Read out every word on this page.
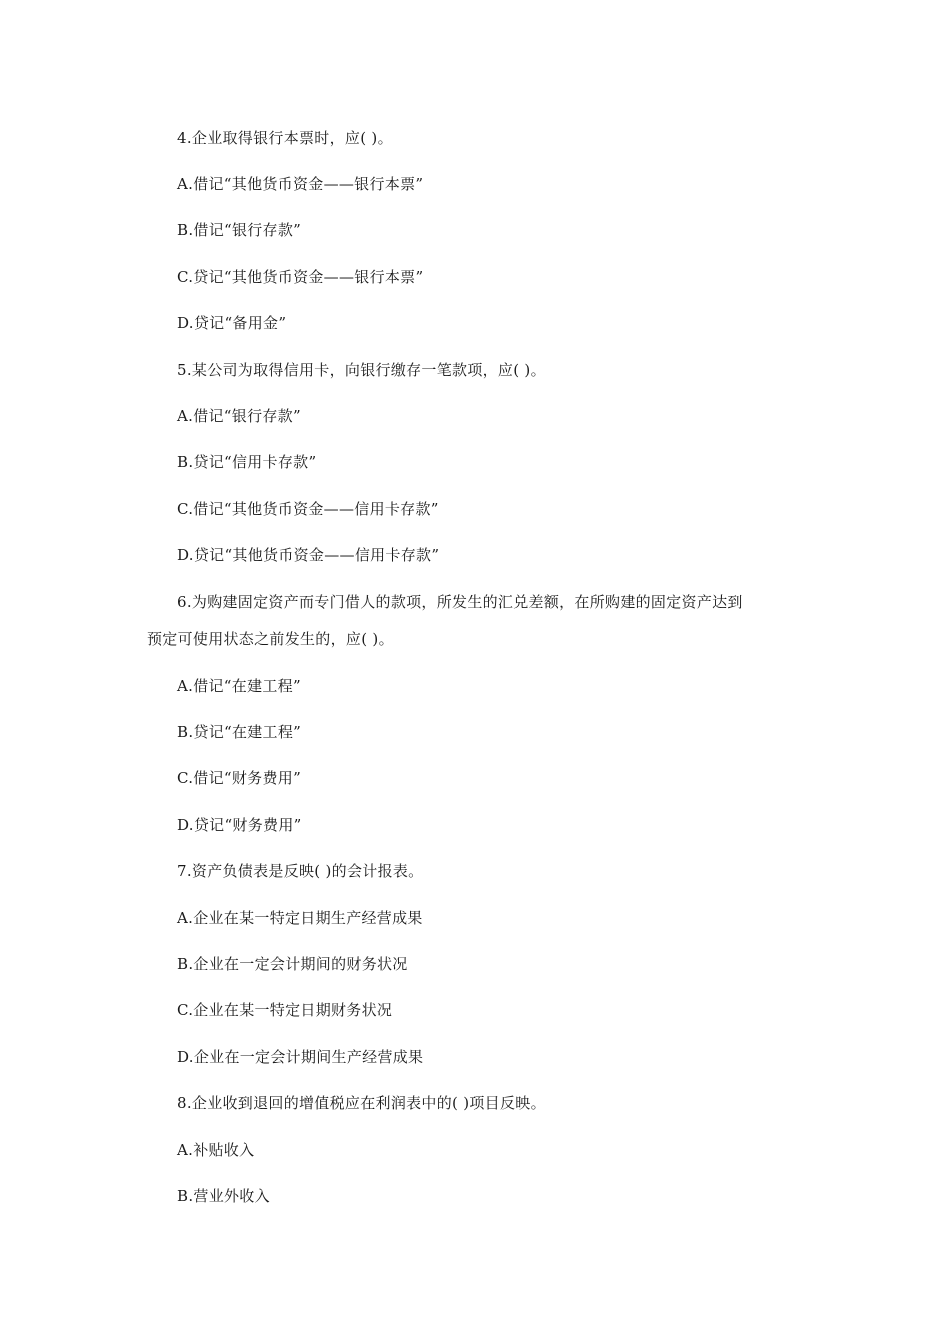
4.企业取得银行本票时，应( )。
A.借记“其他货币资金——银行本票”
B.借记“银行存款”
C.贷记“其他货币资金——银行本票”
D.贷记“备用金”
5.某公司为取得信用卡，向银行缴存一笔款项，应( )。
A.借记“银行存款”
B.贷记“信用卡存款”
C.借记“其他货币资金——信用卡存款”
D.贷记“其他货币资金——信用卡存款”
6.为购建固定资产而专门借人的款项，所发生的汇兑差额，在所购建的固定资产达到
预定可使用状态之前发生的，应( )。
A.借记“在建工程”
B.贷记“在建工程”
C.借记“财务费用”
D.贷记“财务费用”
7.资产负债表是反映( )的会计报表。
A.企业在某一特定日期生产经营成果
B.企业在一定会计期间的财务状况
C.企业在某一特定日期财务状况
D.企业在一定会计期间生产经营成果
8.企业收到退回的增值税应在利润表中的( )项目反映。
A.补贴收入
B.营业外收入
